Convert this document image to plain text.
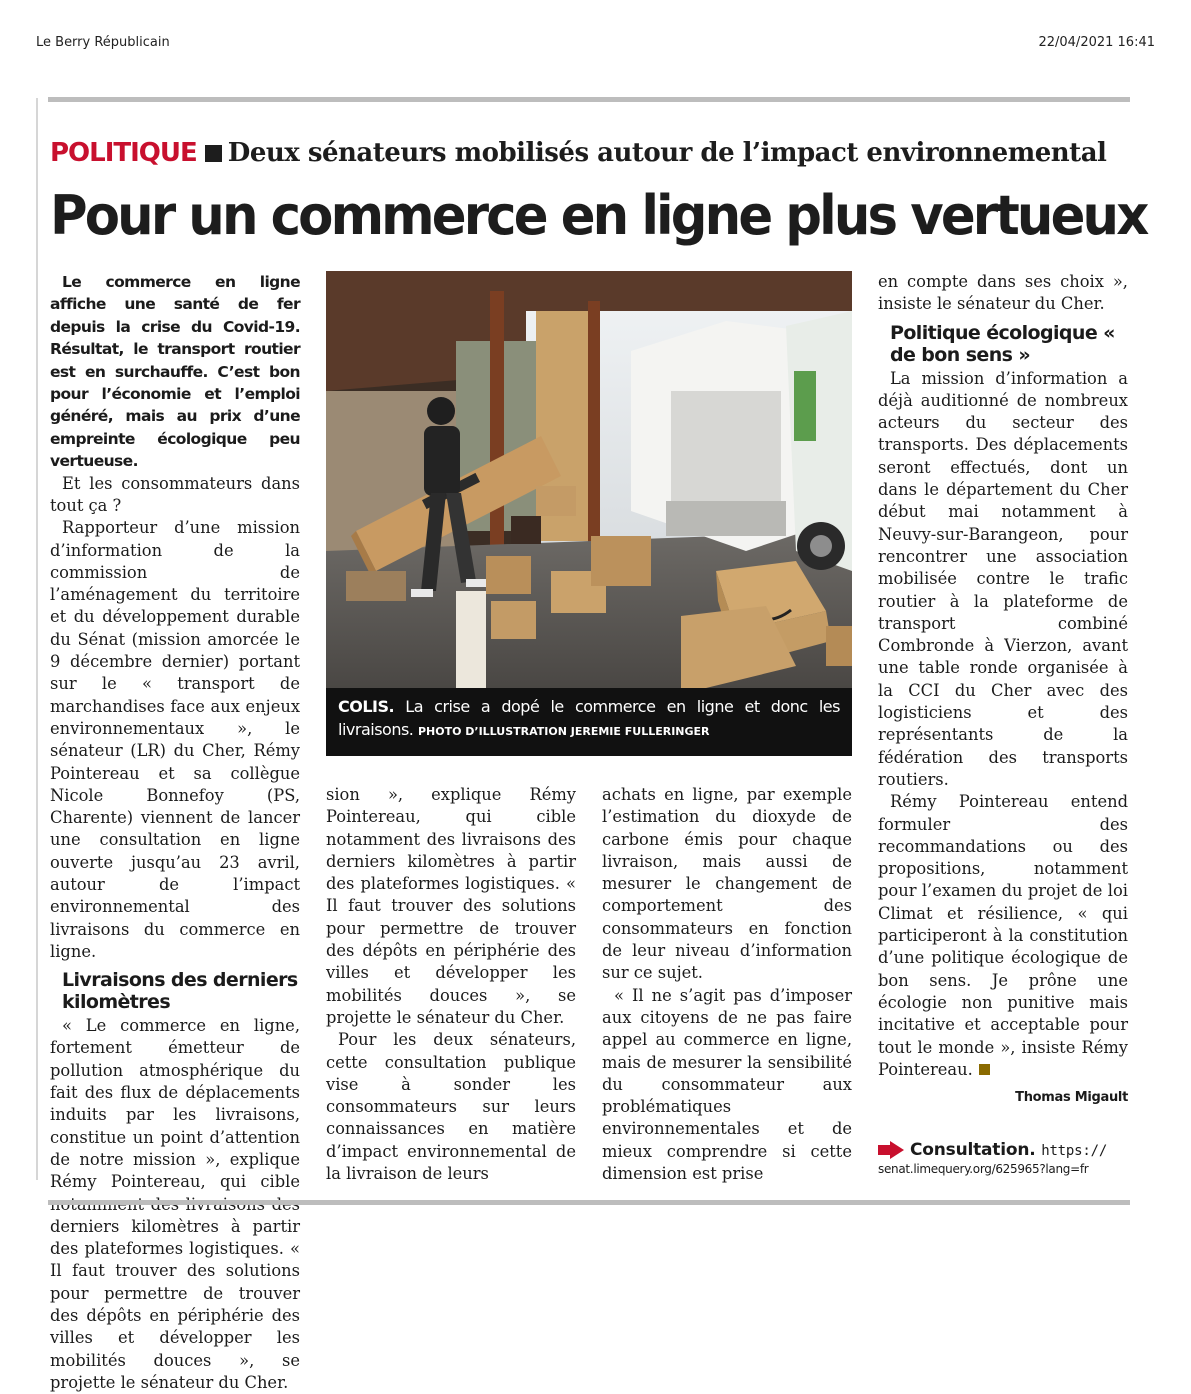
Le Berry Républicain	22/04/2021 16:41
POLITIQUE Deux sénateurs mobilisés autour de l’impact environnemental
Pour un commerce en ligne plus vertueux

Le commerce en ligne affiche une santé de fer depuis la crise du Covid-19. Résultat, le transport routier est en surchauffe. C’est bon pour l’économie et l’emploi généré, mais au prix d’une empreinte écologique peu vertueuse.

Et les consommateurs dans tout ça ?

Rapporteur d’une mission d’information de la commission de l’aménagement du territoire et du développement durable du Sénat (mission amorcée le 9 décembre dernier) portant sur le « transport de marchandises face aux enjeux environnementaux », le sénateur (LR) du Cher, Rémy Pointereau et sa collègue Nicole Bonnefoy (PS, Charente) viennent de lancer une consultation en ligne ouverte jusqu’au 23 avril, autour de l’impact environnemental des livraisons du commerce en ligne.

Livraisons des derniers kilomètres

« Le commerce en ligne, fortement émetteur de pollution atmosphérique du fait des flux de déplacements induits par les livraisons, constitue un point d’attention de notre mission », explique Rémy Pointereau, qui cible derniers kilomètres à partir des plateformes logistiques. « Il faut trouver des solutions pour permettre de trouver des dépôts en périphérie des villes et développer les mobilités douces », se projette le sénateur du Cher.

COLIS. La crise a dopé le commerce en ligne et donc les livraisons. PHOTO D’ILLUSTRATION JEREMIE FULLERINGER

sion », explique Rémy Pointereau, qui cible notamment des livraisons des derniers kilomètres à partir des plateformes logistiques. « Il faut trouver des solutions pour permettre de trouver des dépôts en périphérie des villes et développer les mobilités douces », se projette le sénateur du Cher.

Pour les deux sénateurs, cette consultation publique vise à sonder les consommateurs sur leurs connaissances en matière d’impact environnemental de la livraison de leurs

achats en ligne, par exemple l’estimation du dioxyde de carbone émis pour chaque livraison, mais aussi de mesurer le changement de comportement des consommateurs en fonction de leur niveau d’information sur ce sujet.

« Il ne s’agit pas d’imposer aux citoyens de ne pas faire appel au commerce en ligne, mais de mesurer la sensibilité du consommateur aux problématiques environnementales et de mieux comprendre si cette dimension est prise

en compte dans ses choix », insiste le sénateur du Cher.

Politique écologique « de bon sens »

La mission d’information a déjà auditionné de nombreux acteurs du secteur des transports. Des déplacements seront effectués, dont un dans le département du Cher début mai notamment à Neuvy-sur-Barangeon, pour rencontrer une association mobilisée contre le trafic routier à la plateforme de transport combiné Combronde à Vierzon, avant une table ronde organisée à la CCI du Cher avec des logisticiens et des représentants de la fédération des transports routiers.

Rémy Pointereau entend formuler des recommandations ou des propositions, notamment pour l’examen du projet de loi Climat et résilience, « qui participeront à la constitution d’une politique écologique de bon sens. Je prône une écologie non punitive mais incitative et acceptable pour tout le monde », insiste Rémy Pointereau.

Thomas Migault
Consultation. https://
senat.limequery.org/625965?lang=fr
